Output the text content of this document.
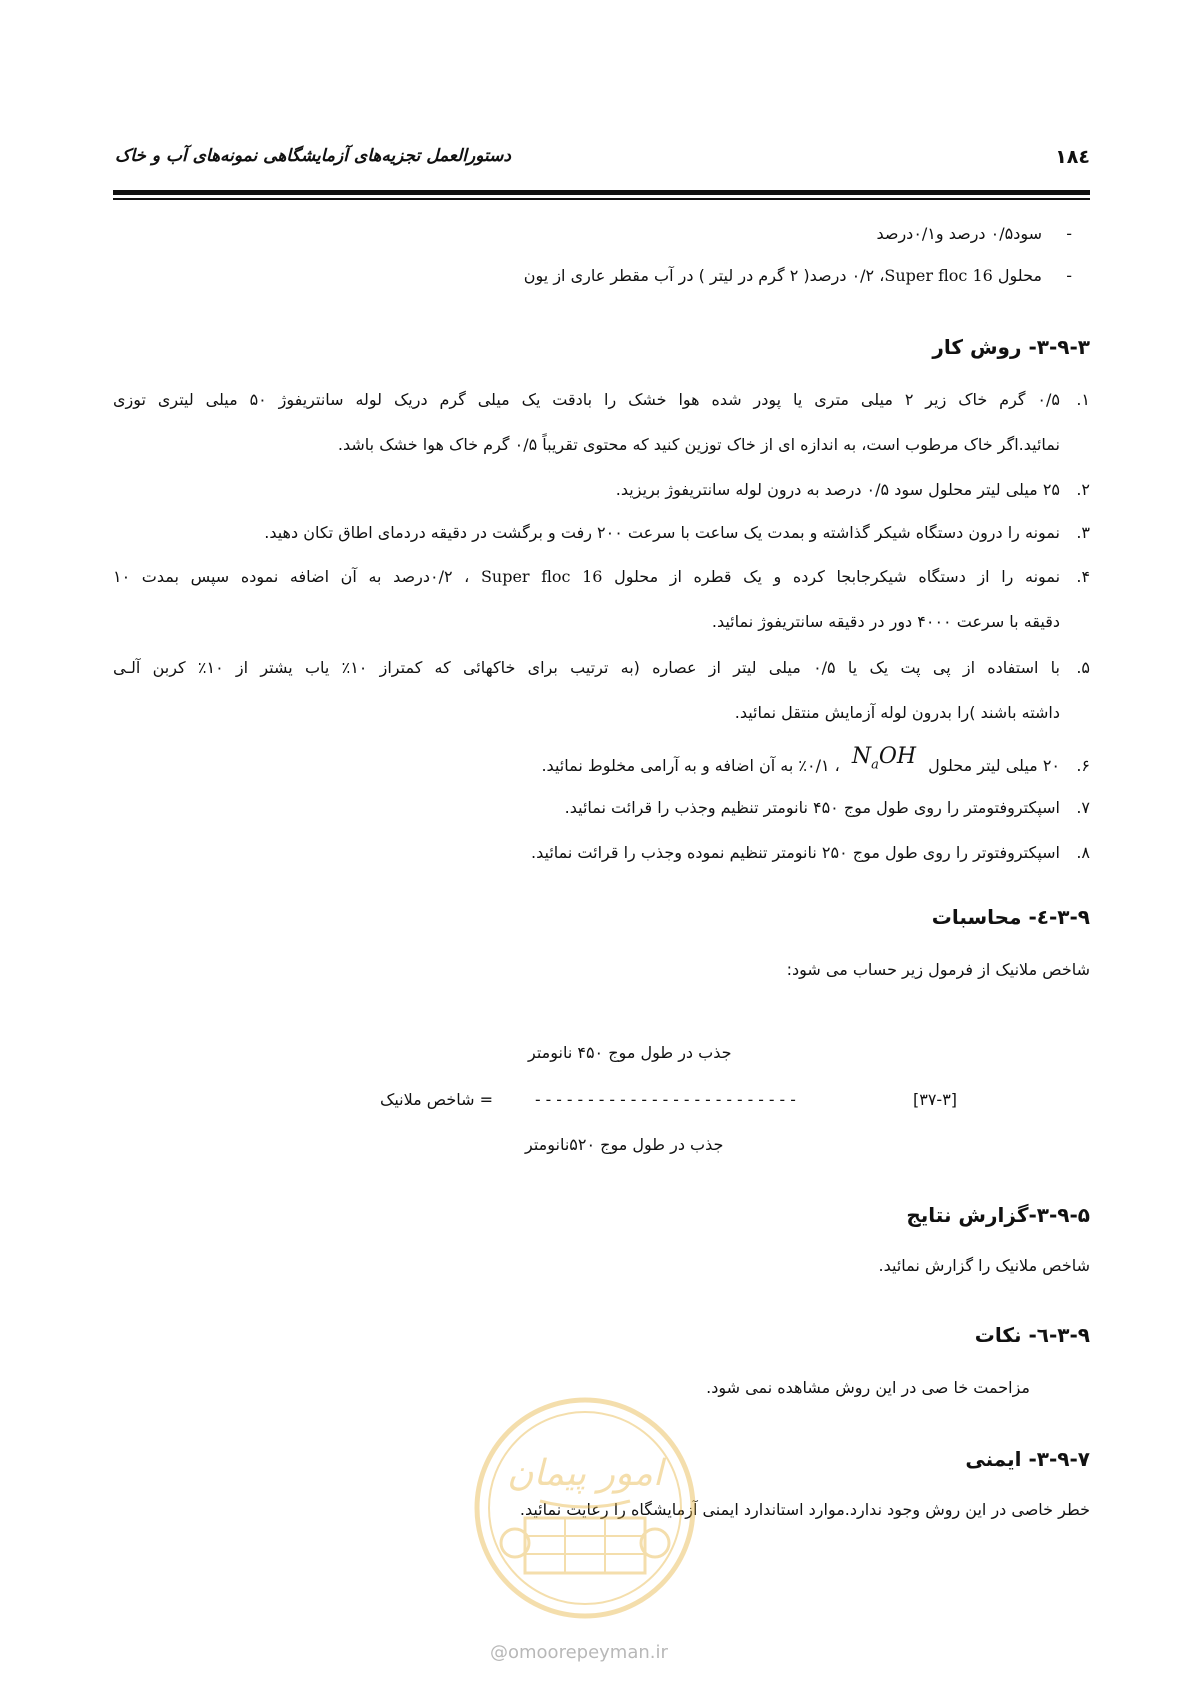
۱۸٤
دستورالعمل تجزیه‌های آزمایشگاهی نمونه‌های آب و خاک
-سود۰/۵ درصد و۰/۱درصد
-محلول Super floc 16، ۰/۲ درصد( ۲ گرم در لیتر ) در آب مقطر عاری از یون
۳-۹-۳- روش کار
۱.۰/۵ گرم خاک زیر ۲ میلی متری یا پودر شده هوا خشک را بادقت یک میلی گرم دریک لوله سانتریفوژ ۵۰ میلی لیتری توزی
نمائید.اگر خاک مرطوب است، به اندازه ای از خاک توزین کنید که محتوی تقریباً ۰/۵ گرم خاک هوا خشک باشد.
۲.۲۵ میلی لیتر محلول سود ۰/۵ درصد به درون لوله سانتریفوژ بریزید.
۳.نمونه را درون دستگاه شیکر گذاشته و بمدت یک ساعت با سرعت ۲۰۰ رفت و برگشت در دقیقه دردمای اطاق تکان دهید.
۴.نمونه را از دستگاه شیکرجابجا کرده و یک قطره از محلول Super floc 16 ، ۰/۲درصد به آن اضافه نموده سپس بمدت ۱۰
دقیقه با سرعت ۴۰۰۰ دور در دقیقه سانتریفوژ نمائید.
۵.با استفاده از پی پت یک یا ۰/۵ میلی لیتر از عصاره (به ترتیب برای خاکهائی که کمتراز ۱۰٪ یاب یشتر از ۱۰٪ کربن آلـی
داشته باشند )را بدرون لوله آزمایش منتقل نمائید.
۶.۲۰ میلی لیتر محلولN$_a$OH، ۰/۱٪ به آن اضافه و به آرامی مخلوط نمائید.
۷.اسپکتروفتومتر را روی طول موج ۴۵۰ نانومتر تنظیم وجذب را قرائت نمائید.
۸.اسپکتروفتوتر را روی طول موج ۲۵۰ نانومتر تنظیم نموده وجذب را قرائت نمائید.
۳-۹-٤- محاسبات
شاخص ملانیک از فرمول زیر حساب می شود:
جذب در طول موج ۴۵۰ نانومتر
-------------------------
= شاخص ملانیک	[۳۷-۳]
جذب در طول موج ۵۲۰نانومتر
۳-۹-۵-گزارش نتایج
شاخص ملانیک را گزارش نمائید.
۳-۹-٦- نکات
مزاحمت خا صی در این روش مشاهده نمی شود.
۳-۹-۷- ایمنی
خطر خاصی در این روش وجود ندارد.موارد استاندارد ایمنی آزمایشگاه را رعایت نمائید.
امور پیمان
@omoorepeyman.ir
